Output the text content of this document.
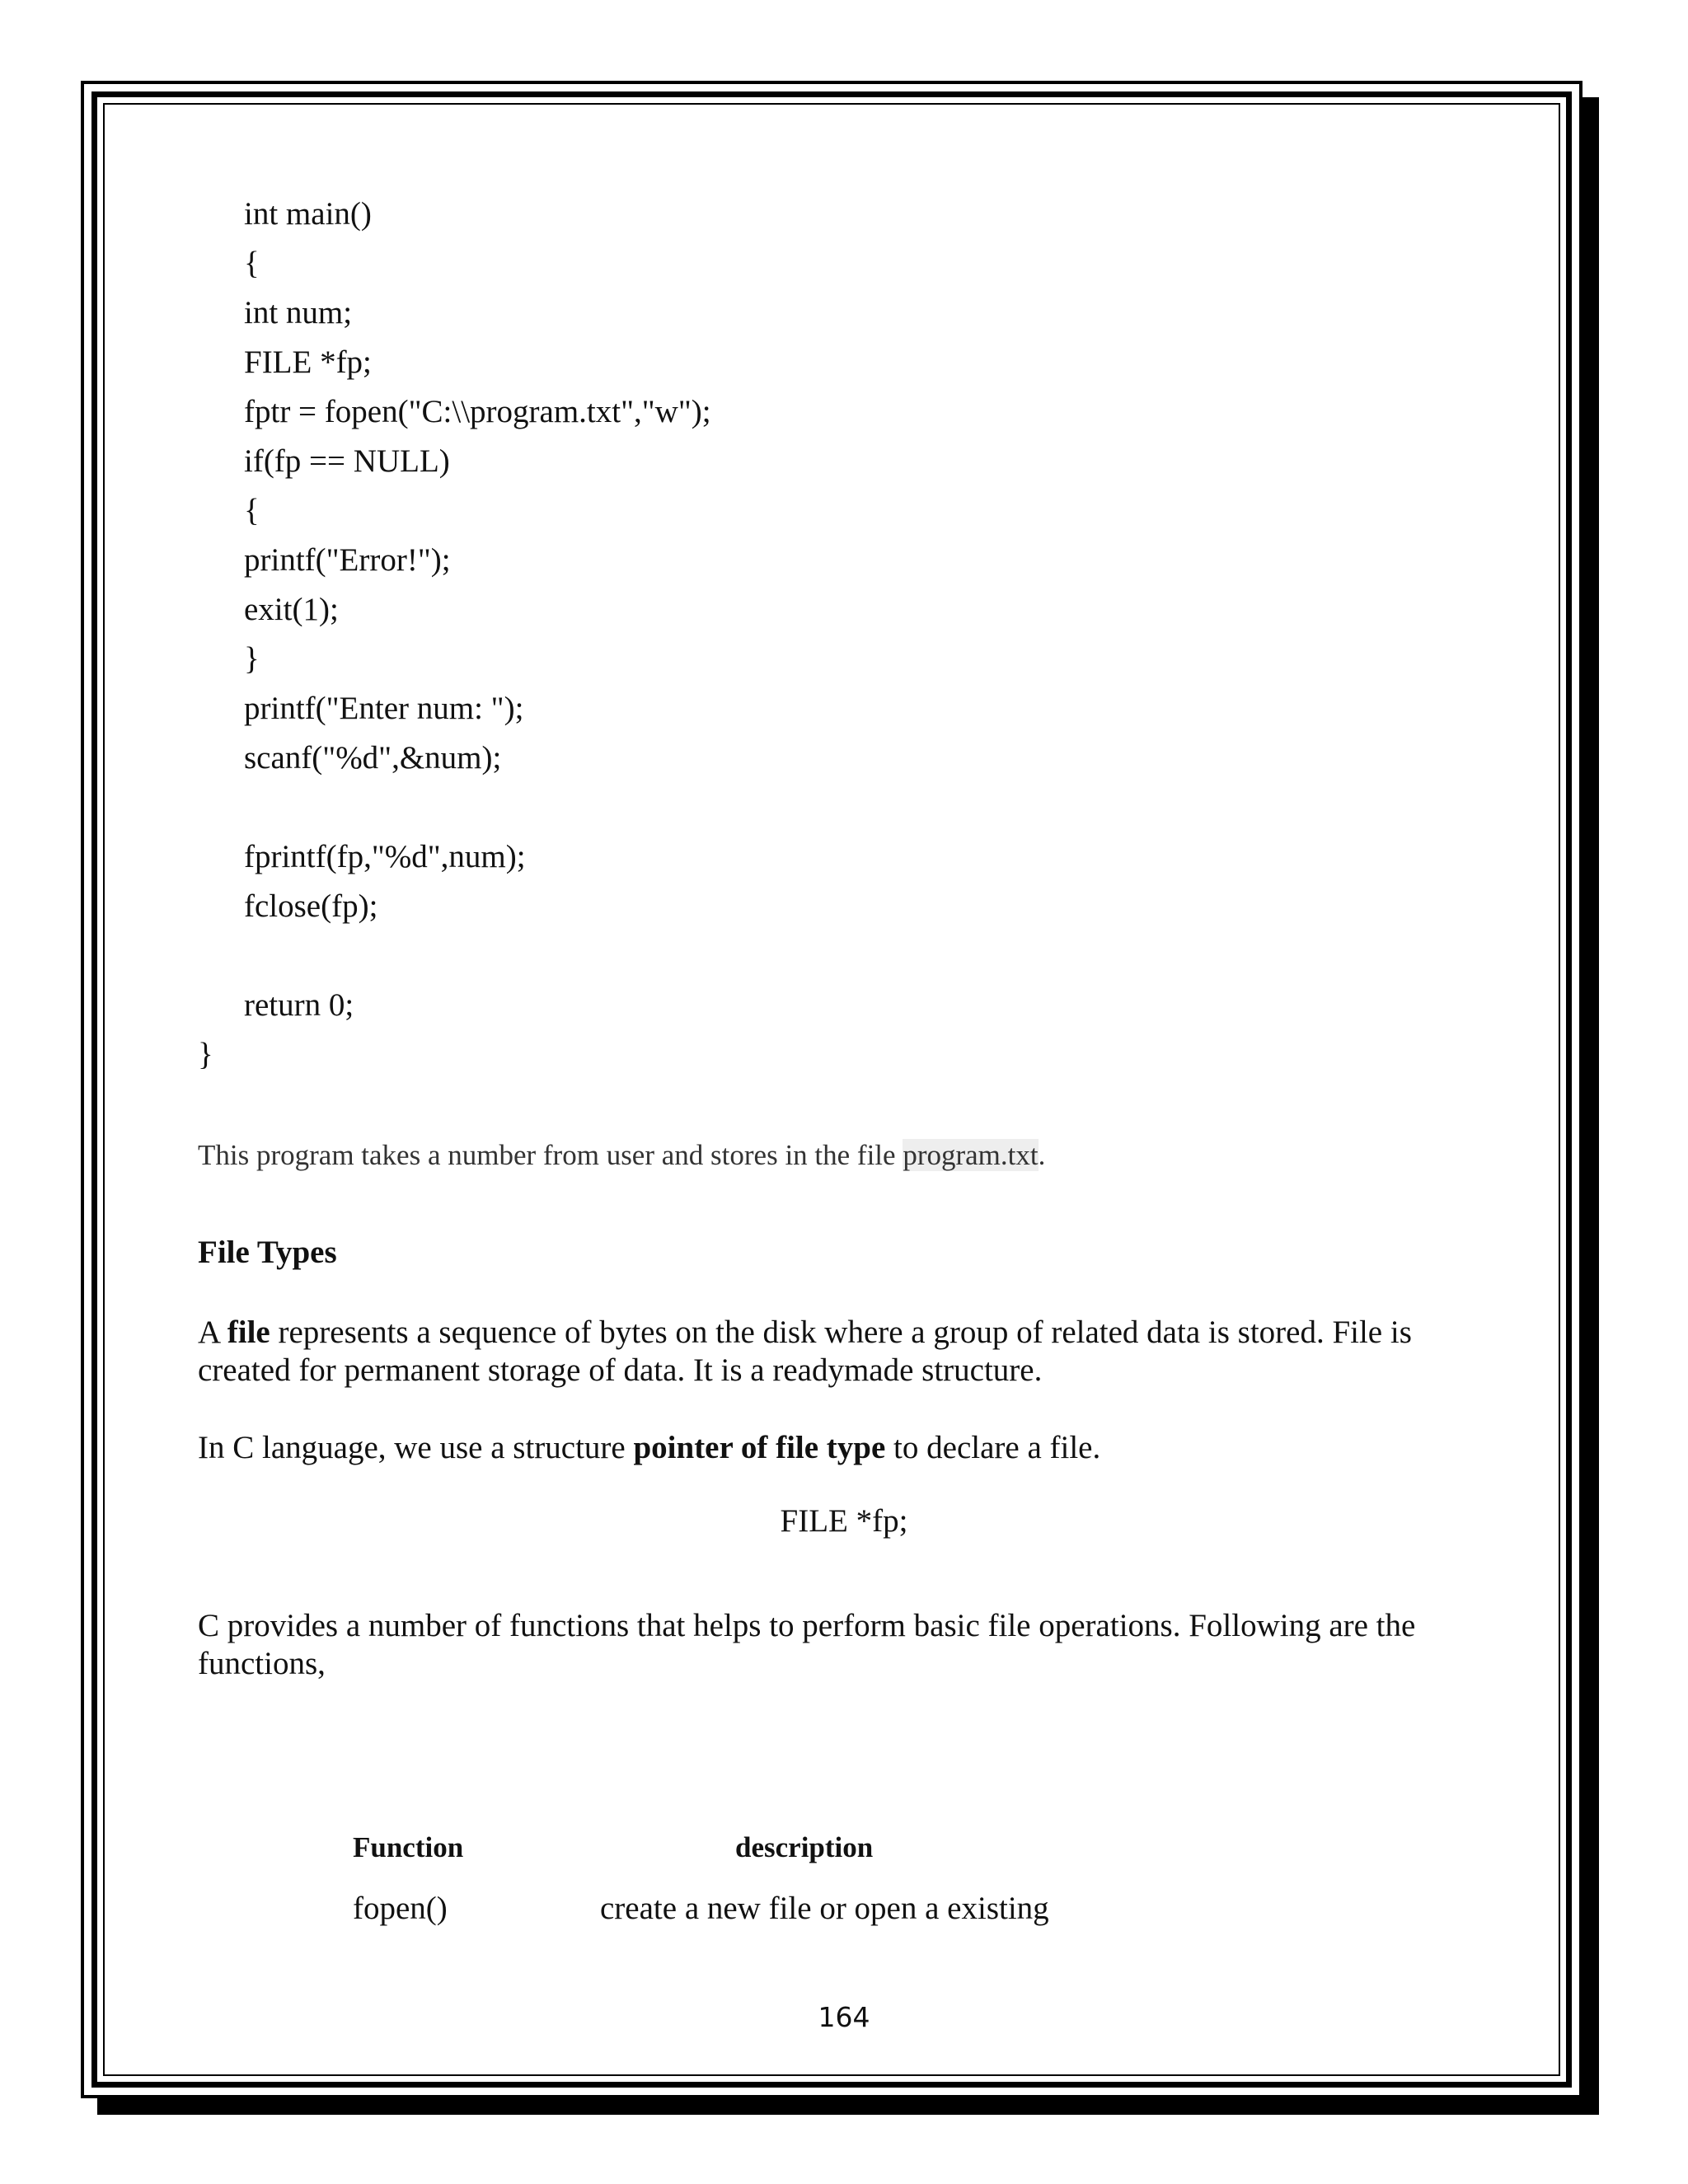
int main()
{
int num;
FILE *fp;
fptr = fopen("C:\\program.txt","w");
if(fp == NULL)
{
printf("Error!");
exit(1);
}
printf("Enter num: ");
scanf("%d",&num);
fprintf(fp,"%d",num);
fclose(fp);
return 0;
}
This program takes a number from user and stores in the file program.txt.
File Types
A file represents a sequence of bytes on the disk where a group of related data is stored. File is
created for permanent storage of data. It is a readymade structure.
In C language, we use a structure pointer of file type to declare a file.
FILE *fp;
C provides a number of functions that helps to perform basic file operations. Following are the
functions,
Function	description
fopen()	create a new file or open a existing
164
